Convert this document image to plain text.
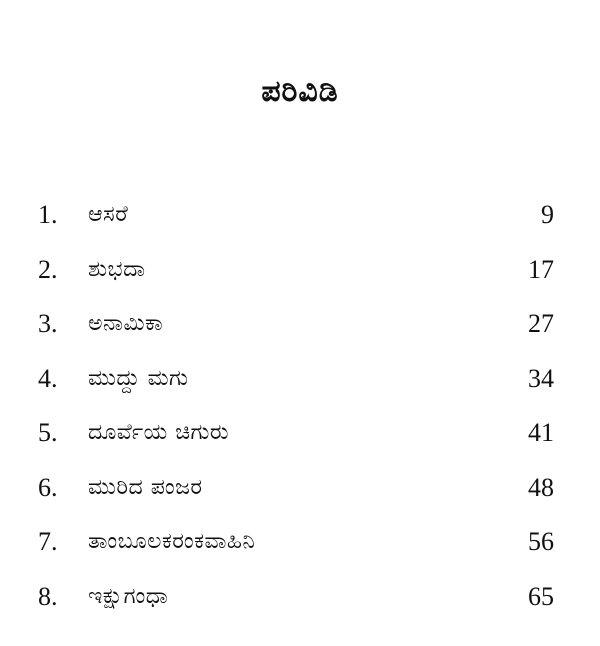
ಪರಿವಿಡಿ
1.	ಆಸರೆ	9
2.	ಶುಭದಾ	17
3.	ಅನಾಮಿಕಾ	27
4.	ಮುದ್ದು ಮಗು	34
5.	ದೂರ್ವೆಯ ಚಿಗುರು	41
6.	ಮುರಿದ ಪಂಜರ	48
7.	ತಾಂಬೂಲಕರಂಕವಾಹಿನಿ	56
8.	ಇಕ್ಷುಗಂಧಾ	65
